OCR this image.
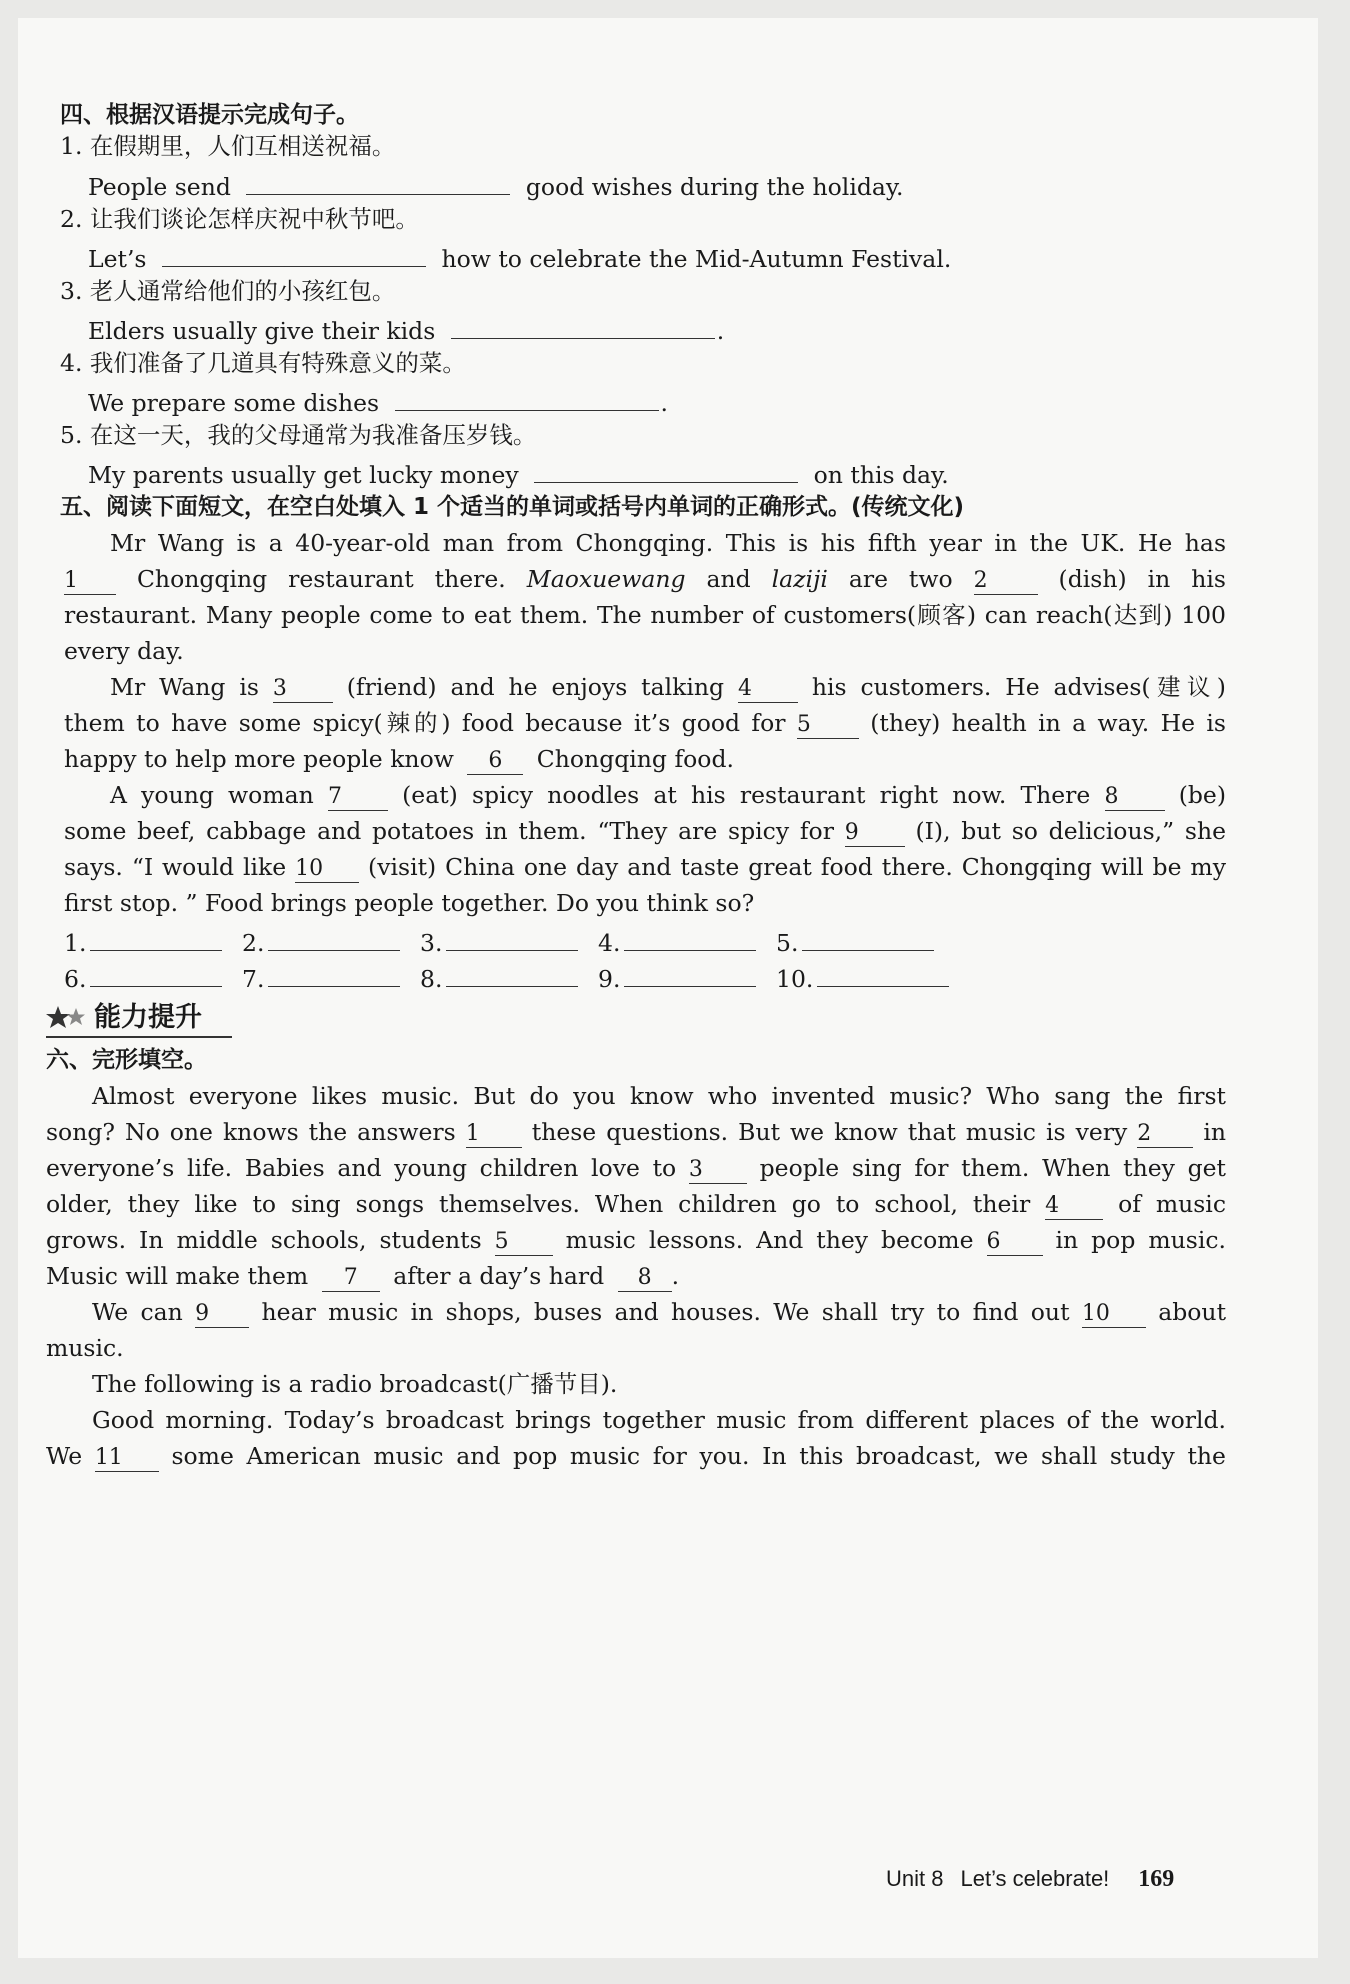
四、根据汉语提示完成句子。
1. 在假期里，人们互相送祝福。
People send	good wishes during the holiday.
2. 让我们谈论怎样庆祝中秋节吧。
Let’s	how to celebrate the Mid-Autumn Festival.
3. 老人通常给他们的小孩红包。
Elders usually give their kids	.
4. 我们准备了几道具有特殊意义的菜。
We prepare some dishes	.
5. 在这一天，我的父母通常为我准备压岁钱。
My parents usually get lucky money	on this day.
五、阅读下面短文，在空白处填入 1 个适当的单词或括号内单词的正确形式。(传统文化)
Mr Wang is a 40-year-old man from Chongqing. This is his fifth year in the UK. He has
1	Chongqing restaurant there. Maoxuewang and laziji are two 2	(dish) in his
restaurant. Many people come to eat them. The number of customers(顾客) can reach(达到) 100
every day.
Mr Wang is 3	(friend) and he enjoys talking 4	his customers. He advises(建议)
them to have some spicy(辣的) food because it’s good for 5	(they) health in a way. He is
happy to help more people know 6 Chongqing food.
A young woman 7	(eat) spicy noodles at his restaurant right now. There 8	(be)
some beef, cabbage and potatoes in them. “They are spicy for 9 (I), but so delicious,” she
says. “I would like 10 (visit) China one day and taste great food there. Chongqing will be my
first stop. ” Food brings people together. Do you think so?
1.	2.	3.	4.	5.
6.	7.	8.	9.	10.
能力提升
六、完形填空。
Almost everyone likes music. But do you know who invented music? Who sang the first
song? No one knows the answers 1 these questions. But we know that music is very 2 in
everyone’s life. Babies and young children love to 3 people sing for them. When they get
older, they like to sing songs themselves. When children go to school, their 4	of music
grows. In middle schools, students 5 music lessons. And they become 6 in pop music.
Music will make them 7 after a day’s hard 8 .
We can 9 hear music in shops, buses and houses. We shall try to find out 10 about
music.
The following is a radio broadcast(广播节目).
Good morning. Today’s broadcast brings together music from different places of the world.
We 11 some American music and pop music for you. In this broadcast, we shall study the
Unit 8 Let’s celebrate! 169
